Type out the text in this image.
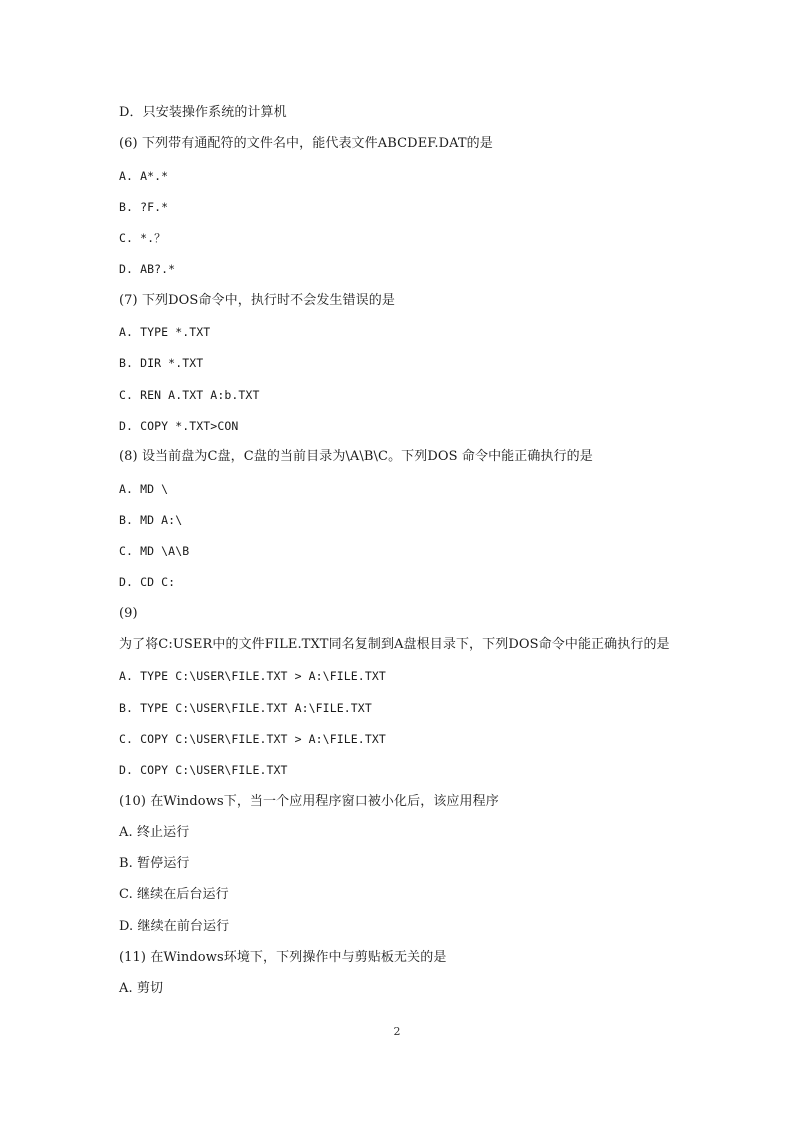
D．只安装操作系统的计算机
(6) 下列带有通配符的文件名中，能代表文件ABCDEF.DAT的是
A. A*.*
B. ?F.*
C. *.？
D. AB?.*
(7) 下列DOS命令中，执行时不会发生错误的是
A. TYPE *.TXT
B. DIR *.TXT
C. REN A.TXT A:b.TXT
D. COPY *.TXT>CON
(8) 设当前盘为C盘，C盘的当前目录为\A\B\C。下列DOS 命令中能正确执行的是
A. MD \
B. MD A:\
C. MD \A\B
D. CD C:
(9)
为了将C:USER中的文件FILE.TXT同名复制到A盘根目录下，下列DOS命令中能正确执行的是
A. TYPE C:\USER\FILE.TXT > A:\FILE.TXT
B. TYPE C:\USER\FILE.TXT A:\FILE.TXT
C. COPY C:\USER\FILE.TXT > A:\FILE.TXT
D. COPY C:\USER\FILE.TXT
(10) 在Windows下，当一个应用程序窗口被小化后，该应用程序
A. 终止运行
B. 暂停运行
C. 继续在后台运行
D. 继续在前台运行
(11) 在Windows环境下，下列操作中与剪贴板无关的是
A. 剪切
2
